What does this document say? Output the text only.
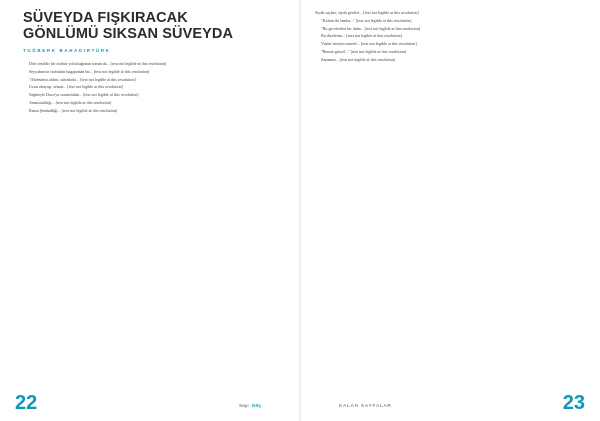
SÜVEYDA FIŞKIRACAK
GÖNLÜMÜ SIKSAN SÜVEYDA
TUĞBERK BAHADIRTÜRK

Dört nesildir bir otobüs yolculuğunun sonun da... [text not legible at this resolution]

Seyyahım'ın otobüsün bagajından bir... [text not legible at this resolution]

"Abdestimi aldım, salonlarla... [text not legible at this resolution]

Uzun okuyup, sensat... [text not legible at this resolution]

Sağmeyle Duru'ya sorumluluk... [text not legible at this resolution]

Anımsatıldığı... [text not legible at this resolution]

Rama Şemhulliği... [text not legible at this resolution]

22	Sayı Göç

Siyah saçları, siyah gözleri... [text not legible at this resolution]

"Kafam iki lamba..." [text not legible at this resolution]

"Bu gecelerden bir daha... [text not legible at this resolution]

Bu dizelerim... [text not legible at this resolution]

Vuslat isteyim mesele... [text not legible at this resolution]

"Bensiz görsel..." [text not legible at this resolution]

Zamanın... [text not legible at this resolution]

KALAN SAYFALAR	23
